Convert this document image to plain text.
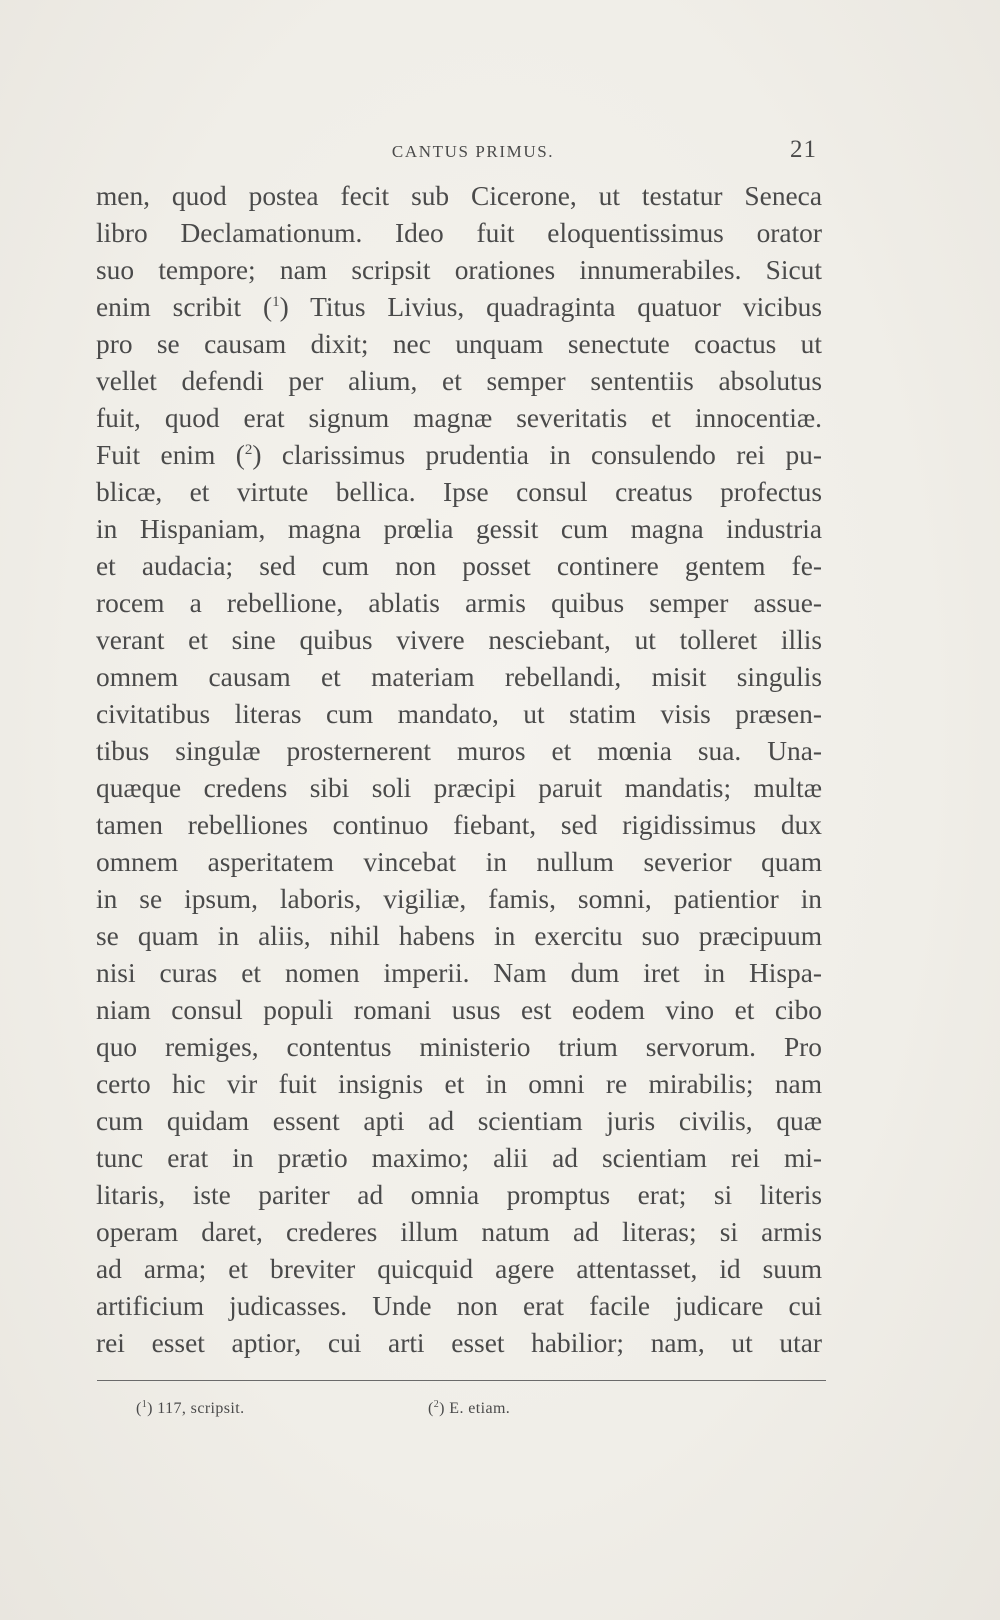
CANTUS PRIMUS.	21
men, quod postea fecit sub Cicerone, ut testatur Seneca
libro Declamationum. Ideo fuit eloquentissimus orator
suo tempore; nam scripsit orationes innumerabiles. Sicut
enim scribit ($^1$) Titus Livius, quadraginta quatuor vicibus
pro se causam dixit; nec unquam senectute coactus ut
vellet defendi per alium, et semper sententiis absolutus
fuit, quod erat signum magnæ severitatis et innocentiæ.
Fuit enim ($^2$) clarissimus prudentia in consulendo rei pu-
blicæ, et virtute bellica. Ipse consul creatus profectus
in Hispaniam, magna prœlia gessit cum magna industria
et audacia; sed cum non posset continere gentem fe-
rocem a rebellione, ablatis armis quibus semper assue-
verant et sine quibus vivere nesciebant, ut tolleret illis
omnem causam et materiam rebellandi, misit singulis
civitatibus literas cum mandato, ut statim visis præsen-
tibus singulæ prosternerent muros et mœnia sua. Una-
quæque credens sibi soli præcipi paruit mandatis; multæ
tamen rebelliones continuo fiebant, sed rigidissimus dux
omnem asperitatem vincebat in nullum severior quam
in se ipsum, laboris, vigiliæ, famis, somni, patientior in
se quam in aliis, nihil habens in exercitu suo præcipuum
nisi curas et nomen imperii. Nam dum iret in Hispa-
niam consul populi romani usus est eodem vino et cibo
quo remiges, contentus ministerio trium servorum. Pro
certo hic vir fuit insignis et in omni re mirabilis; nam
cum quidam essent apti ad scientiam juris civilis, quæ
tunc erat in prætio maximo; alii ad scientiam rei mi-
litaris, iste pariter ad omnia promptus erat; si literis
operam daret, crederes illum natum ad literas; si armis
ad arma; et breviter quicquid agere attentasset, id suum
artificium judicasses. Unde non erat facile judicare cui
rei esset aptior, cui arti esset habilior; nam, ut utar
($^1$) 117, scripsit.	($^2$) E. etiam.
